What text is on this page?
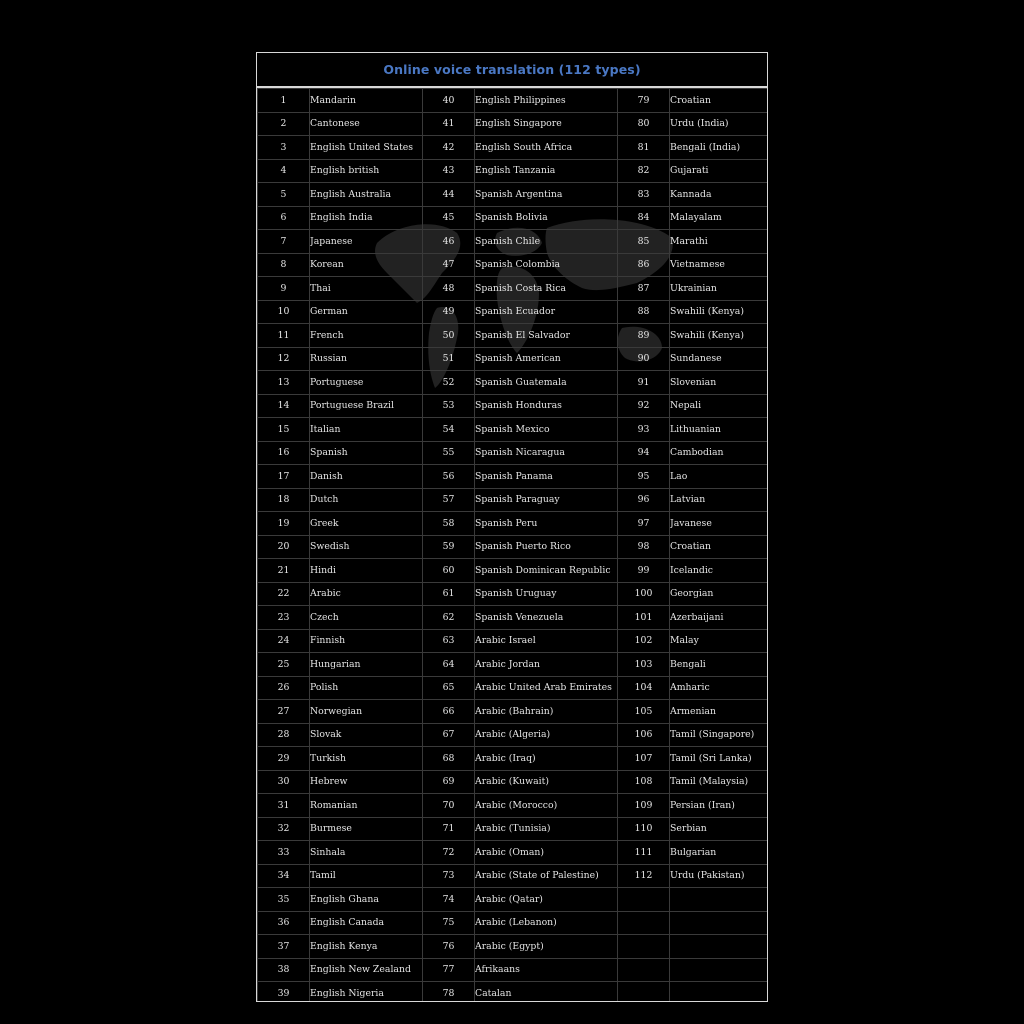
Online voice translation (112 types)
1	Mandarin	40	English Philippines	79	Croatian
2	Cantonese	41	English Singapore	80	Urdu (India)
3	English United States	42	English South Africa	81	Bengali (India)
4	English british	43	English Tanzania	82	Gujarati
5	English Australia	44	Spanish Argentina	83	Kannada
6	English India	45	Spanish Bolivia	84	Malayalam
7	Japanese	46	Spanish Chile	85	Marathi
8	Korean	47	Spanish Colombia	86	Vietnamese
9	Thai	48	Spanish Costa Rica	87	Ukrainian
10	German	49	Spanish Ecuador	88	Swahili (Kenya)
11	French	50	Spanish El Salvador	89	Swahili (Kenya)
12	Russian	51	Spanish American	90	Sundanese
13	Portuguese	52	Spanish Guatemala	91	Slovenian
14	Portuguese Brazil	53	Spanish Honduras	92	Nepali
15	Italian	54	Spanish Mexico	93	Lithuanian
16	Spanish	55	Spanish Nicaragua	94	Cambodian
17	Danish	56	Spanish Panama	95	Lao
18	Dutch	57	Spanish Paraguay	96	Latvian
19	Greek	58	Spanish Peru	97	Javanese
20	Swedish	59	Spanish Puerto Rico	98	Croatian
21	Hindi	60	Spanish Dominican Republic	99	Icelandic
22	Arabic	61	Spanish Uruguay	100	Georgian
23	Czech	62	Spanish Venezuela	101	Azerbaijani
24	Finnish	63	Arabic Israel	102	Malay
25	Hungarian	64	Arabic Jordan	103	Bengali
26	Polish	65	Arabic United Arab Emirates	104	Amharic
27	Norwegian	66	Arabic (Bahrain)	105	Armenian
28	Slovak	67	Arabic (Algeria)	106	Tamil (Singapore)
29	Turkish	68	Arabic (Iraq)	107	Tamil (Sri Lanka)
30	Hebrew	69	Arabic (Kuwait)	108	Tamil (Malaysia)
31	Romanian	70	Arabic (Morocco)	109	Persian (Iran)
32	Burmese	71	Arabic (Tunisia)	110	Serbian
33	Sinhala	72	Arabic (Oman)	111	Bulgarian
34	Tamil	73	Arabic (State of Palestine)	112	Urdu (Pakistan)
35	English Ghana	74	Arabic (Qatar)		
36	English Canada	75	Arabic (Lebanon)		
37	English Kenya	76	Arabic (Egypt)		
38	English New Zealand	77	Afrikaans		
39	English Nigeria	78	Catalan		
